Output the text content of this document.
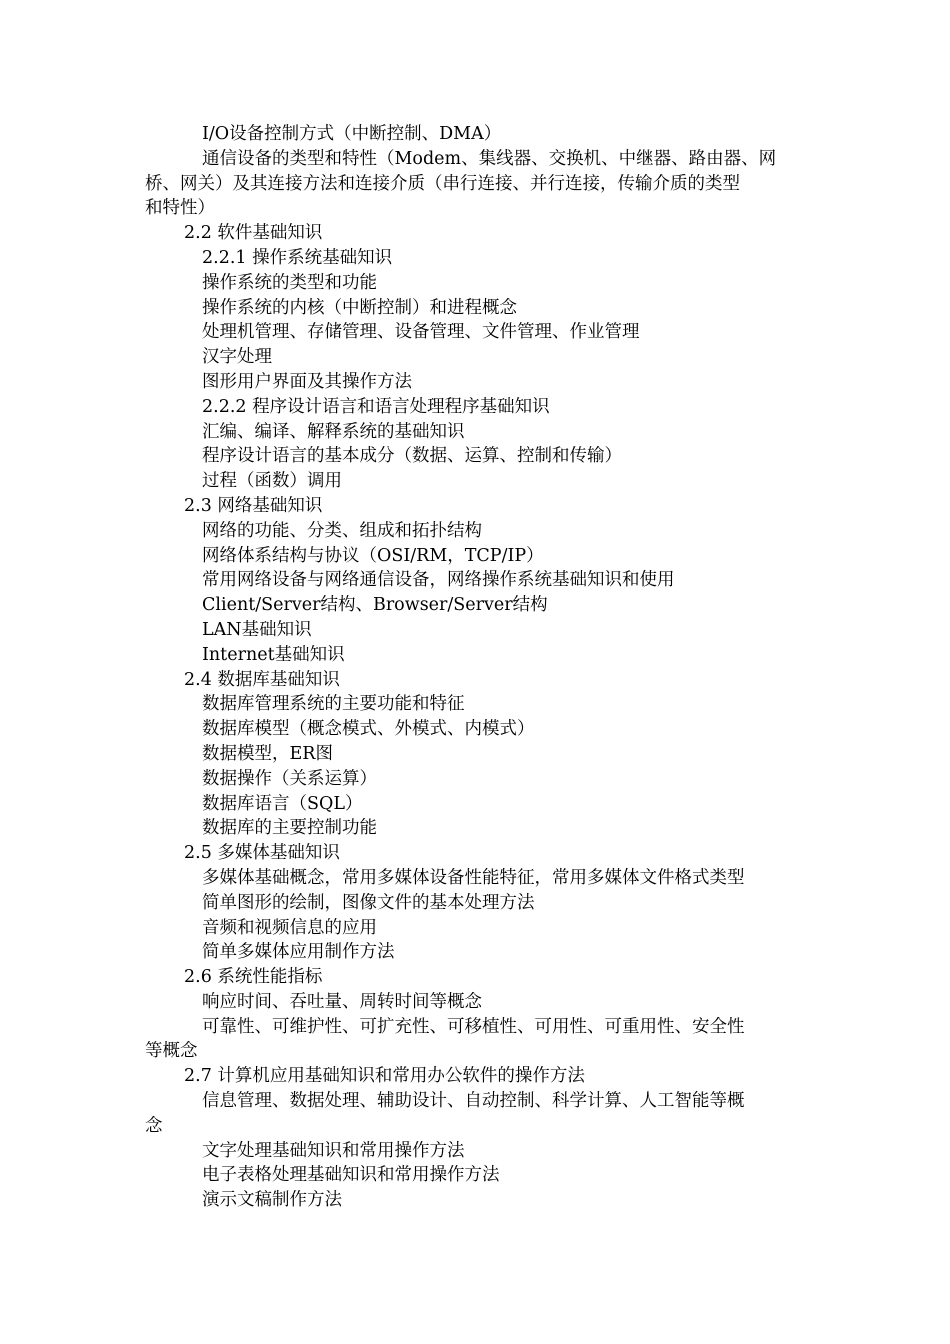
I/O设备控制方式（中断控制、DMA）
通信设备的类型和特性（Modem、集线器、交换机、中继器、路由器、网
桥、网关）及其连接方法和连接介质（串行连接、并行连接，传输介质的类型
和特性）
2.2 软件基础知识
2.2.1 操作系统基础知识
操作系统的类型和功能
操作系统的内核（中断控制）和进程概念
处理机管理、存储管理、设备管理、文件管理、作业管理
汉字处理
图形用户界面及其操作方法
2.2.2 程序设计语言和语言处理程序基础知识
汇编、编译、解释系统的基础知识
程序设计语言的基本成分（数据、运算、控制和传输）
过程（函数）调用
2.3 网络基础知识
网络的功能、分类、组成和拓扑结构
网络体系结构与协议（OSI/RM，TCP/IP）
常用网络设备与网络通信设备，网络操作系统基础知识和使用
Client/Server结构、Browser/Server结构
LAN基础知识
Internet基础知识
2.4 数据库基础知识
数据库管理系统的主要功能和特征
数据库模型（概念模式、外模式、内模式）
数据模型，ER图
数据操作（关系运算）
数据库语言（SQL）
数据库的主要控制功能
2.5 多媒体基础知识
多媒体基础概念，常用多媒体设备性能特征，常用多媒体文件格式类型
简单图形的绘制，图像文件的基本处理方法
音频和视频信息的应用
简单多媒体应用制作方法
2.6 系统性能指标
响应时间、吞吐量、周转时间等概念
可靠性、可维护性、可扩充性、可移植性、可用性、可重用性、安全性
等概念
2.7 计算机应用基础知识和常用办公软件的操作方法
信息管理、数据处理、辅助设计、自动控制、科学计算、人工智能等概
念
文字处理基础知识和常用操作方法
电子表格处理基础知识和常用操作方法
演示文稿制作方法
